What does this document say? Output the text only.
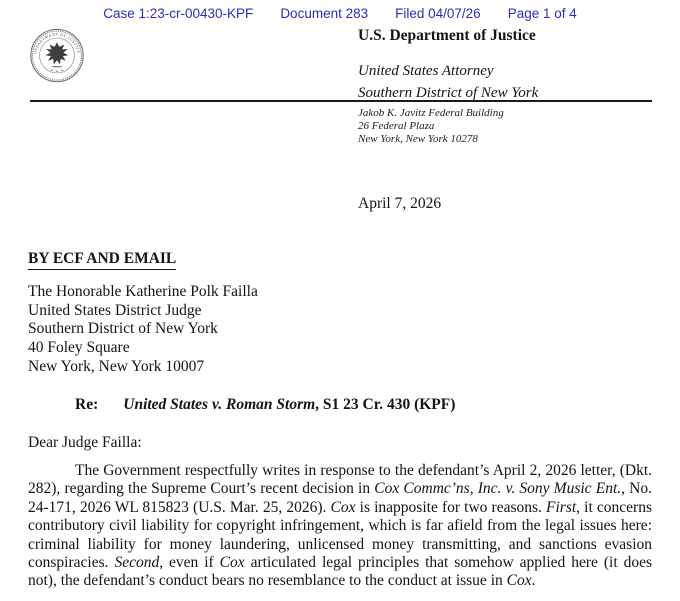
Case 1:23-cr-00430-KPF Document 283 Filed 04/07/26 Page 1 of 4
DEPARTMENT OF JUSTICE
U.S. Department of Justice
United States Attorney
Southern District of New York
Jakob K. Javitz Federal Building
26 Federal Plaza
New York, New York 10278
April 7, 2026
BY ECF AND EMAIL
The Honorable Katherine Polk Failla
United States District Judge
Southern District of New York
40 Foley Square
New York, New York 10007
Re: United States v. Roman Storm, S1 23 Cr. 430 (KPF)
Dear Judge Failla:

The Government respectfully writes in response to the defendant’s April 2, 2026 letter, (Dkt. 282), regarding the Supreme Court’s recent decision in Cox Commc’ns, Inc. v. Sony Music Ent., No. 24-171, 2026 WL 815823 (U.S. Mar. 25, 2026). Cox is inapposite for two reasons. First, it concerns contributory civil liability for copyright infringement, which is far afield from the legal issues here: criminal liability for money laundering, unlicensed money transmitting, and sanctions evasion conspiracies. Second, even if Cox articulated legal principles that somehow applied here (it does not), the defendant’s conduct bears no resemblance to the conduct at issue in Cox.
